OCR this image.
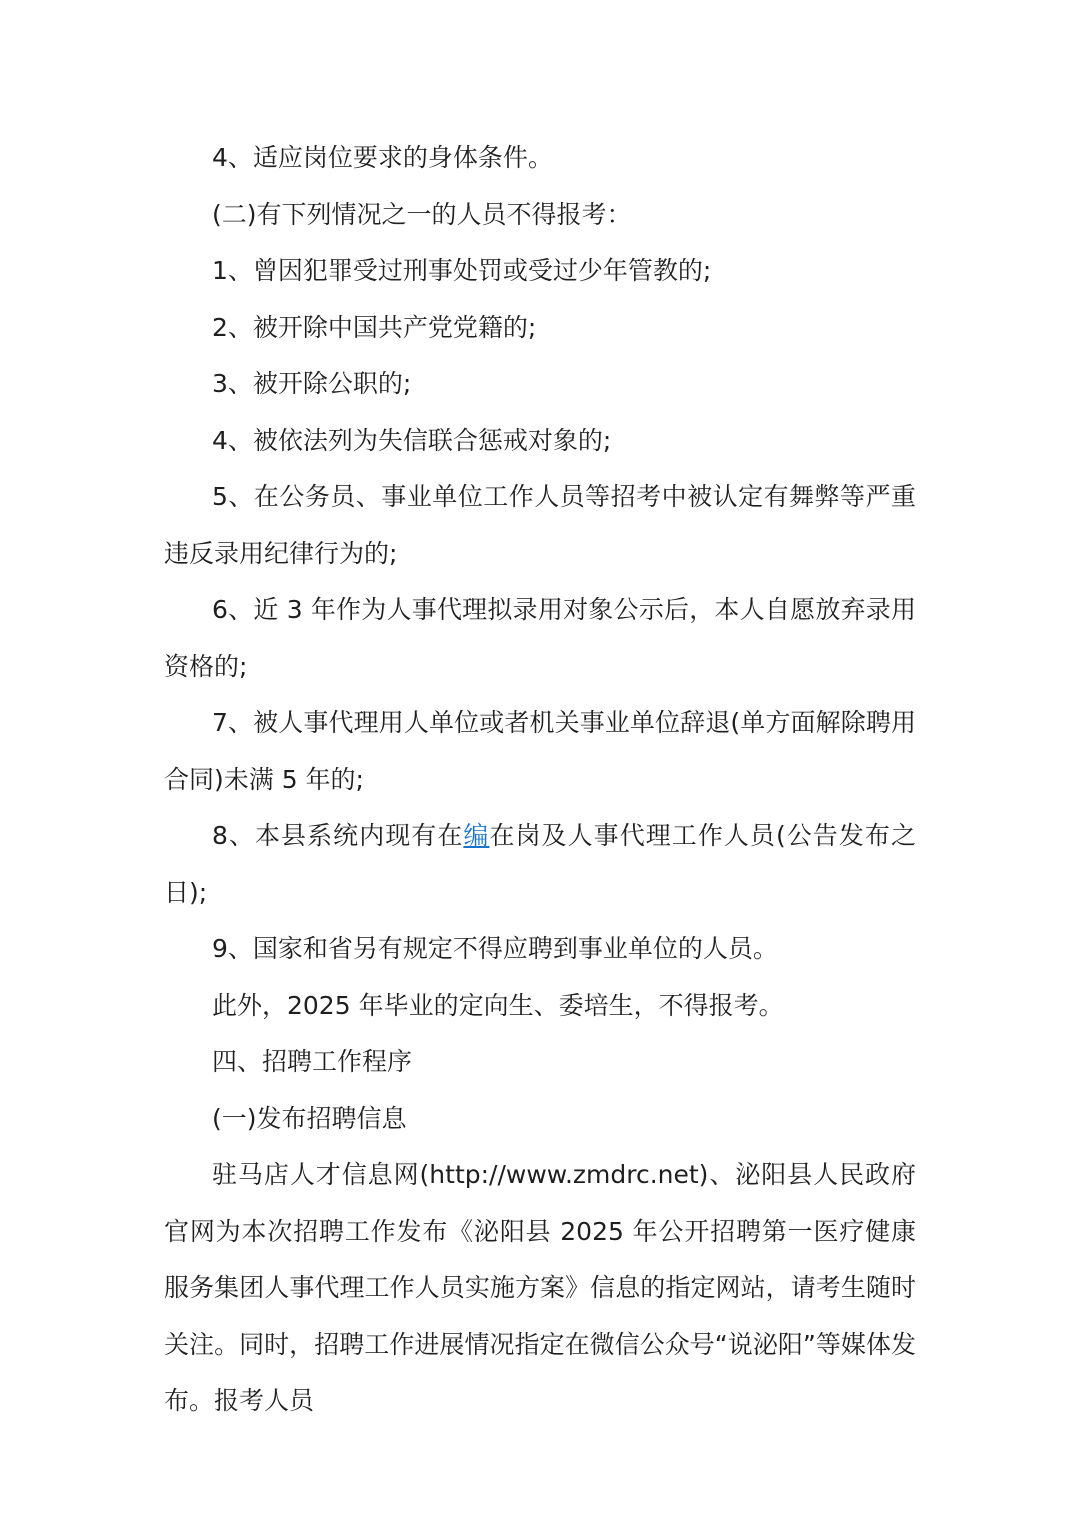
4、适应岗位要求的身体条件。

(二)有下列情况之一的人员不得报考：

1、曾因犯罪受过刑事处罚或受过少年管教的;

2、被开除中国共产党党籍的;

3、被开除公职的;

4、被依法列为失信联合惩戒对象的;

5、在公务员、事业单位工作人员等招考中被认定有舞弊等严重违反录用纪律行为的;

6、近 3 年作为人事代理拟录用对象公示后，本人自愿放弃录用资格的;

7、被人事代理用人单位或者机关事业单位辞退(单方面解除聘用合同)未满 5 年的;

8、本县系统内现有在编在岗及人事代理工作人员(公告发布之日);

9、国家和省另有规定不得应聘到事业单位的人员。

此外，2025 年毕业的定向生、委培生，不得报考。

四、招聘工作程序

(一)发布招聘信息

驻马店人才信息网(http://www.zmdrc.net)、泌阳县人民政府官网为本次招聘工作发布《泌阳县 2025 年公开招聘第一医疗健康服务集团人事代理工作人员实施方案》信息的指定网站，请考生随时关注。同时，招聘工作进展情况指定在微信公众号“说泌阳”等媒体发布。报考人员
